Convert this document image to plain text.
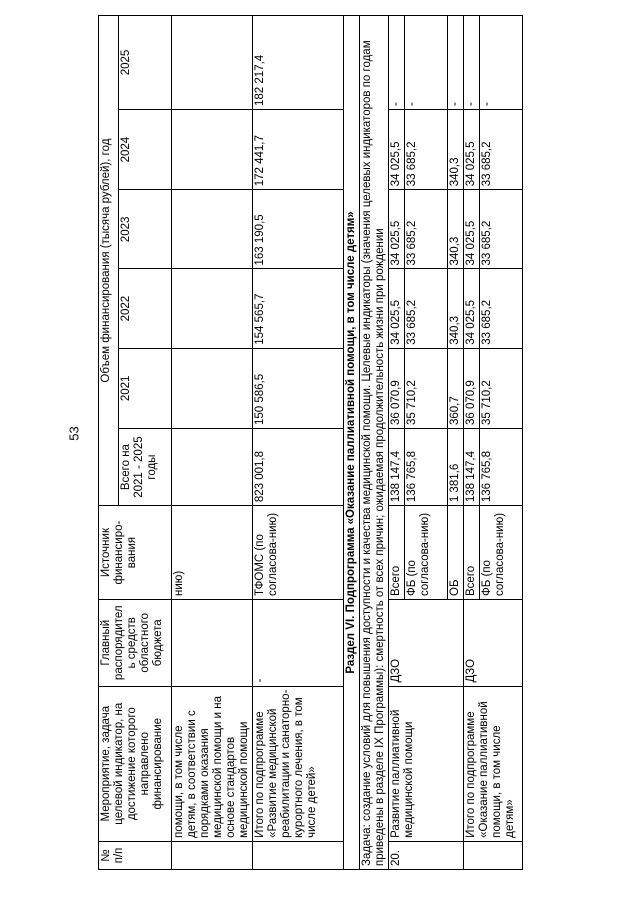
53
№ п/п	Мероприятие, задача целевой индикатор, на достижение которого направлено финансирование	Главный распорядитель средств областного бюджета	Источник финансиро-вания	Объем финансирования (тысяча рублей), год					
				Всего на 2021 - 2025 годы	2021	2022	2023	2024	2025
	помощи, в том числе детям, в соответствии с порядками оказания медицинской помощи и на основе стандартов медицинской помощи		нию)						
	Итого по подпрограмме «Развитие медицинской реабилитации и санаторно-курортного лечения, в том числе детей»	-	ТФОМС (по согласова-нию)	823 001,8	150 586,5	154 565,7	163 190,5	172 441,7	182 217,4
Раздел VI. Подпрограмма «Оказание паллиативной помощи, в том числе детям»									
Задача: создание условий для повышения доступности и качества медицинской помощи. Целевые индикаторы (значения целевых индикаторов по годам приведены в разделе IX Программы): смертность от всех причин; ожидаемая продолжительность жизни при рождении									
20.	Развитие паллиативной медицинской помощи	ДЗО	Всего	138 147,4	36 070,9	34 025,5	34 025,5	34 025,5	-
			ФБ (по согласова-нию)	136 765,8	35 710,2	33 685,2	33 685,2	33 685,2	-
			ОБ	1 381,6	360,7	340,3	340,3	340,3	-
	Итого по подпрограмме «Оказание паллиативной помощи, в том числе детям»	ДЗО	Всего	138 147,4	36 070,9	34 025,5	34 025,5	34 025,5	-
			ФБ (по согласова-нию)	136 765,8	35 710,2	33 685,2	33 685,2	33 685,2	-
